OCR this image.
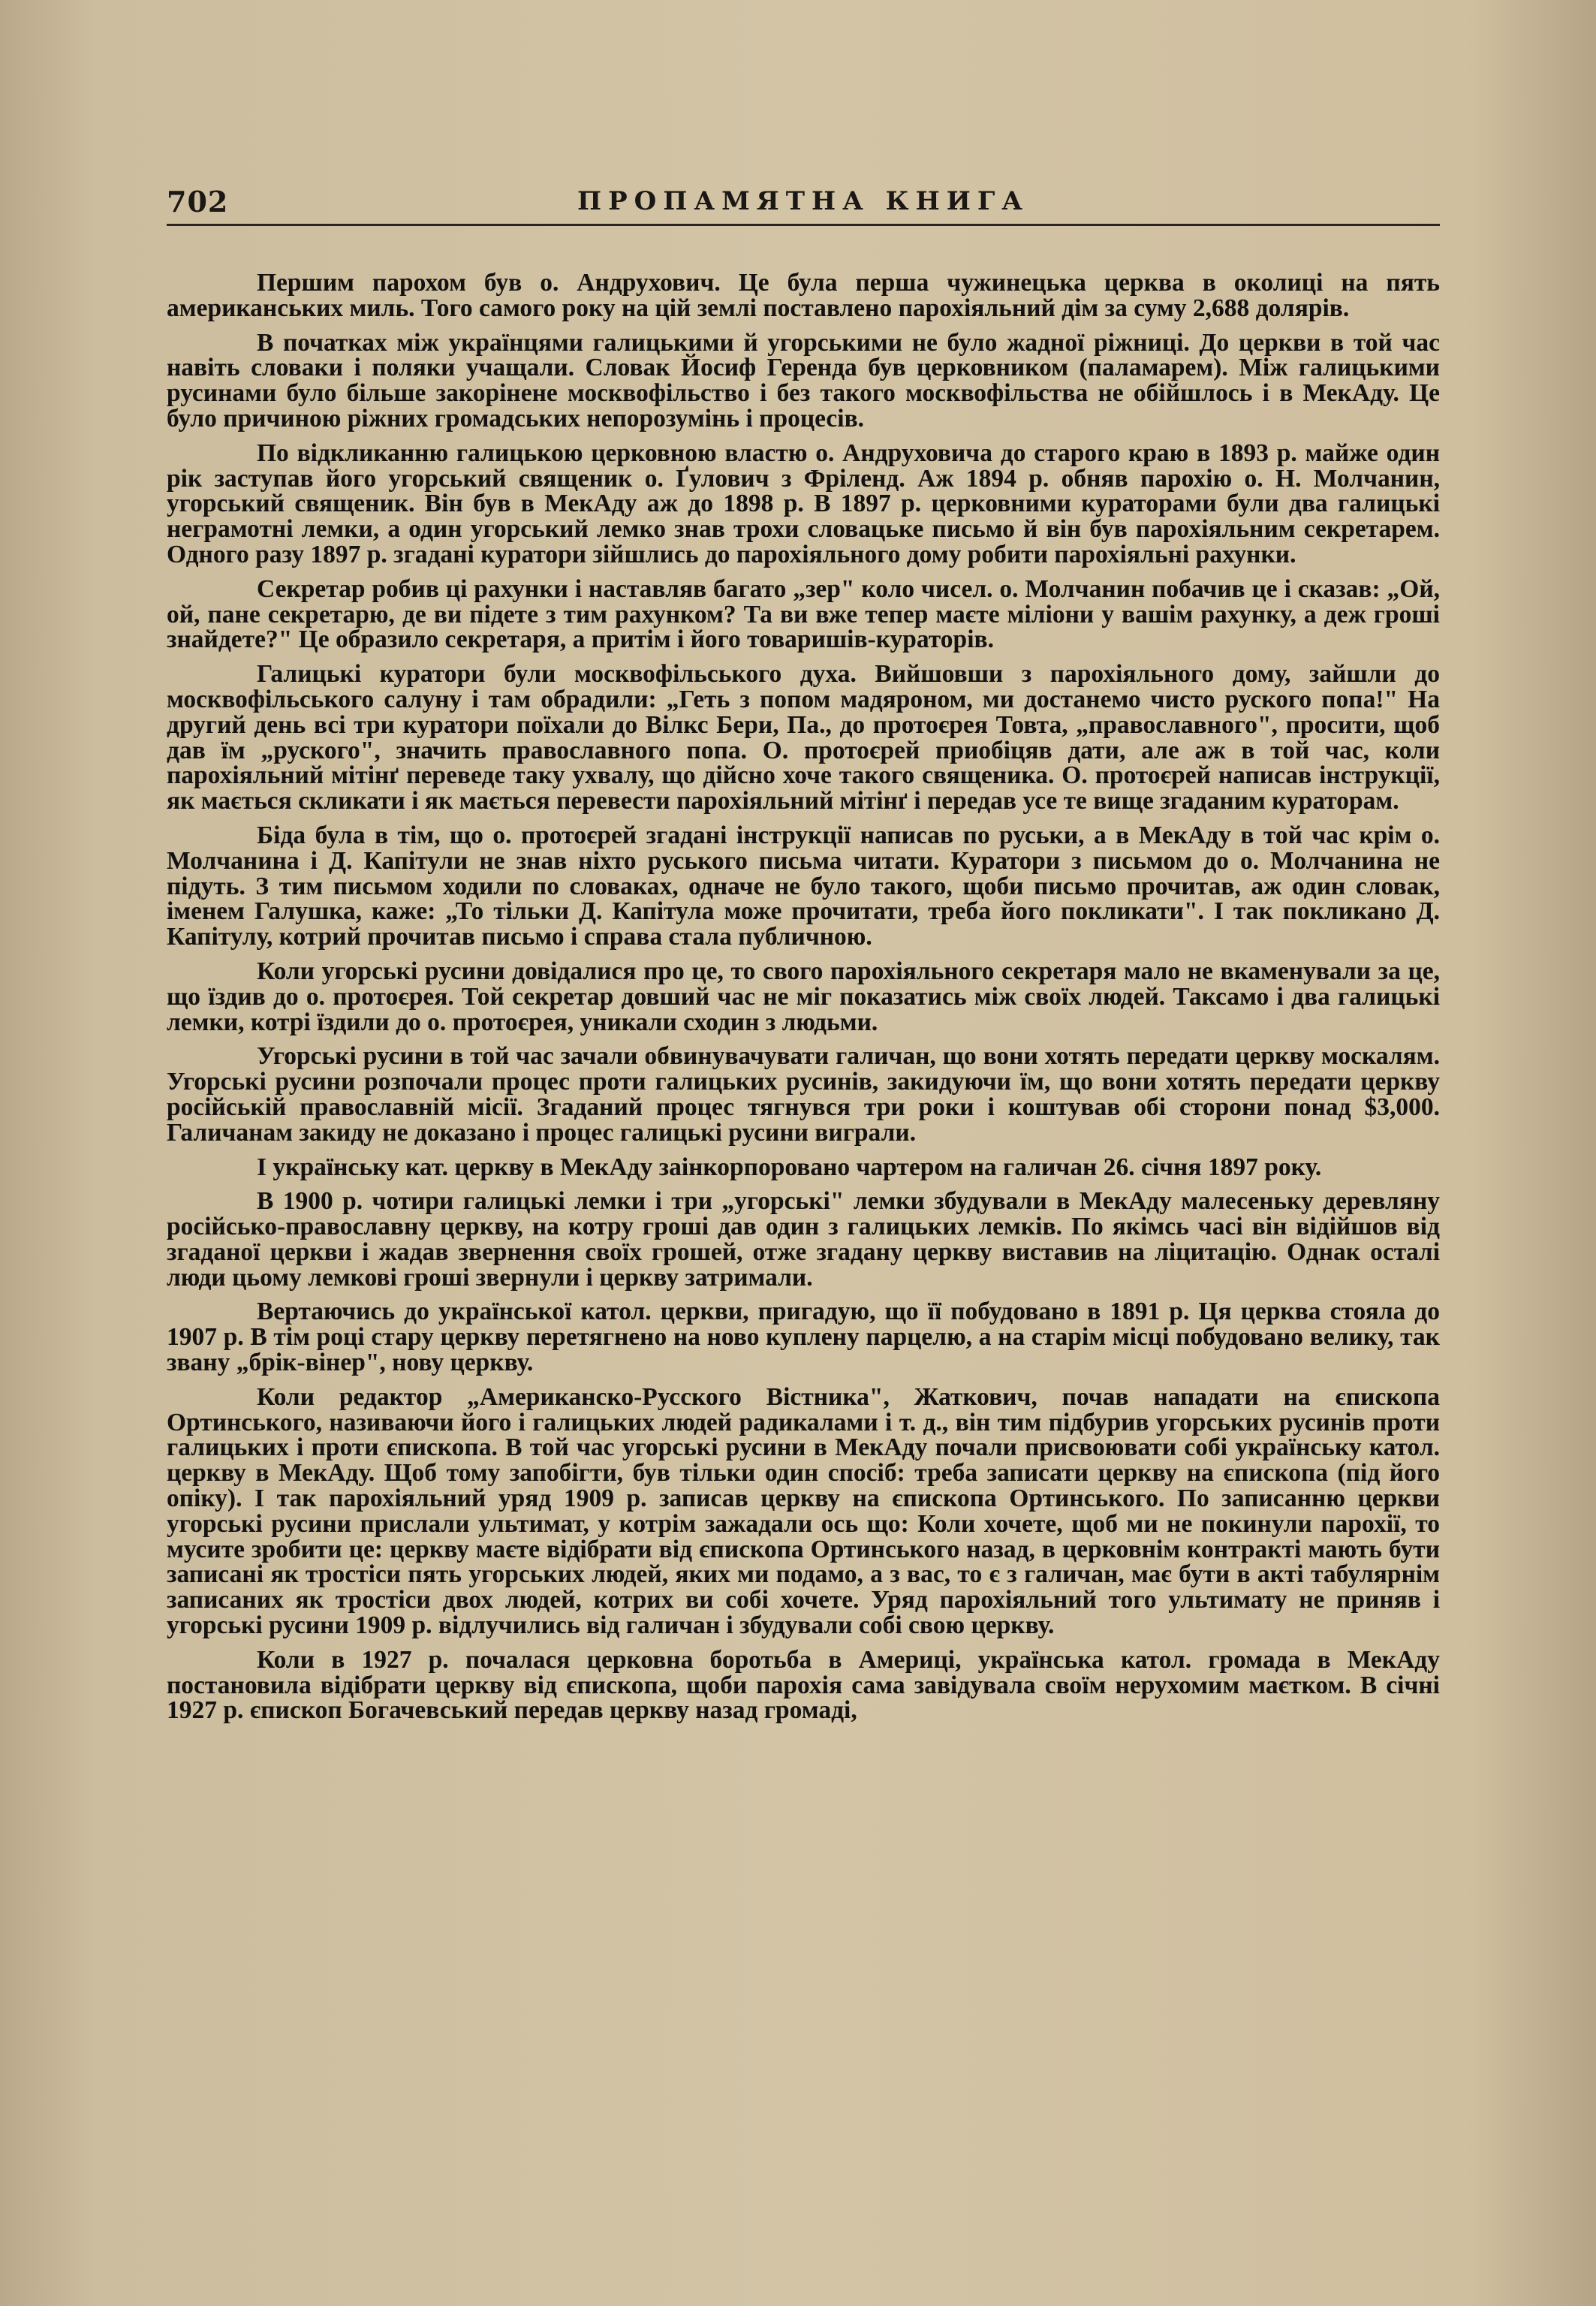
702	ПРОПАМЯТНА КНИГА

Першим парохом був о. Андрухович. Це була перша чужинецька церква в околиці на пять американських миль. Того самого року на цій землі поставлено парохіяльний дім за суму 2,688 долярів.

В початках між українцями галицькими й угорськими не було жадної ріжниці. До церкви в той час навіть словаки і поляки учащали. Словак Йосиф Геренда був церковником (паламарем). Між галицькими русинами було більше закорінене москвофільство і без такого москвофільства не обійшлось і в МекАду. Це було причиною ріжних громадських непорозумінь і процесів.

По відкликанню галицькою церковною властю о. Андруховича до старого краю в 1893 р. майже один рік заступав його угорський священик о. Ґулович з Фріленд. Аж 1894 р. обняв парохію о. Н. Молчанин, угорський священик. Він був в МекАду аж до 1898 р. В 1897 р. церковними кураторами були два галицькі неграмотні лемки, а один угорський лемко знав трохи словацьке письмо й він був парохіяльним секретарем. Одного разу 1897 р. згадані куратори зійшлись до парохіяльного дому робити парохіяльні рахунки.

Секретар робив ці рахунки і наставляв багато „зер" коло чисел. о. Молчанин побачив це і сказав: „Ой, ой, пане секретарю, де ви підете з тим рахунком? Та ви вже тепер маєте міліони у вашім рахунку, а деж гроші знайдете?" Це образило секретаря, а притім і його товаришів-кураторів.

Галицькі куратори були москвофільського духа. Вийшовши з парохіяльного дому, зайшли до москвофільського салуну і там обрадили: „Геть з попом мадяроном, ми достанемо чисто руского попа!" На другий день всі три куратори поїхали до Вілкс Бери, Па., до протоєрея Товта, „православного", просити, щоб дав їм „руского", значить православного попа. О. протоєрей приобіцяв дати, але аж в той час, коли парохіяльний мітінґ переведе таку ухвалу, що дійсно хоче такого священика. О. протоєрей написав інструкції, як мається скликати і як мається перевести парохіяльний мітінґ і передав усе те вище згаданим кураторам.

Біда була в тім, що о. протоєрей згадані інструкції написав по руськи, а в МекАду в той час крім о. Молчанина і Д. Капітули не знав ніхто руського письма читати. Куратори з письмом до о. Молчанина не підуть. З тим письмом ходили по словаках, одначе не було такого, щоби письмо прочитав, аж один словак, іменем Галушка, каже: „То тільки Д. Капітула може прочитати, треба його покликати". І так покликано Д. Капітулу, котрий прочитав письмо і справа стала публичною.

Коли угорські русини довідалися про це, то свого парохіяльного секретаря мало не вкаменували за це, що їздив до о. протоєрея. Той секретар довший час не міг показатись між своїх людей. Таксамо і два галицькі лемки, котрі їздили до о. протоєрея, уникали сходин з людьми.

Угорські русини в той час зачали обвинувачувати галичан, що вони хотять передати церкву москалям. Угорські русини розпочали процес проти галицьких русинів, закидуючи їм, що вони хотять передати церкву російській православній місії. Згаданий процес тягнувся три роки і коштував обі сторони понад $3,000. Галичанам закиду не доказано і процес галицькі русини виграли.

І українську кат. церкву в МекАду заінкорпоровано чартером на галичан 26. січня 1897 року.

В 1900 р. чотири галицькі лемки і три „угорські" лемки збудували в МекАду малесеньку деревляну російсько-православну церкву, на котру гроші дав один з галицьких лемків. По якімсь часі він відійшов від згаданої церкви і жадав звернення своїх грошей, отже згадану церкву виставив на ліцитацію. Однак остaлі люди цьому лемкові гроші звернули і церкву затримали.

Вертаючись до української катол. церкви, пригадую, що її побудовано в 1891 р. Ця церква стояла до 1907 р. В тім році стару церкву перетягнено на ново куплену парцелю, а на старім місці побудовано велику, так звану „брік-вінер", нову церкву.

Коли редактор „Американско-Русского Вістника", Жаткович, почав нападати на єпископа Ортинського, називаючи його і галицьких людей радикалами і т. д., він тим підбурив угорських русинів проти галицьких і проти єпископа. В той час угорські русини в МекАду почали присвоювати собі українську катол. церкву в МекАду. Щоб тому запобігти, був тільки один спосіб: треба записати церкву на єпископа (під його опіку). І так парохіяльний уряд 1909 р. записав церкву на єпископа Ортинського. По записанню церкви угорські русини прислали ультимат, у котрім зажадали ось що: Коли хочете, щоб ми не покинули парохії, то мусите зробити це: церкву маєте відібрати від єпископа Ортинського назад, в церковнім контракті мають бути записані як тростіси пять угорських людей, яких ми подамо, а з вас, то є з галичан, має бути в акті табулярнім записаних як тростіси двох людей, котрих ви собі хочете. Уряд парохіяльний того ультимату не приняв і угорські русини 1909 р. відлучились від галичан і збудували собі свою церкву.

Коли в 1927 р. почалася церковна боротьба в Америці, українська катол. громада в МекАду постановила відібрати церкву від єпископа, щоби парохія сама завідувала своїм нерухомим маєтком. В січні 1927 р. єпископ Богачевський передав церкву назад громаді,
